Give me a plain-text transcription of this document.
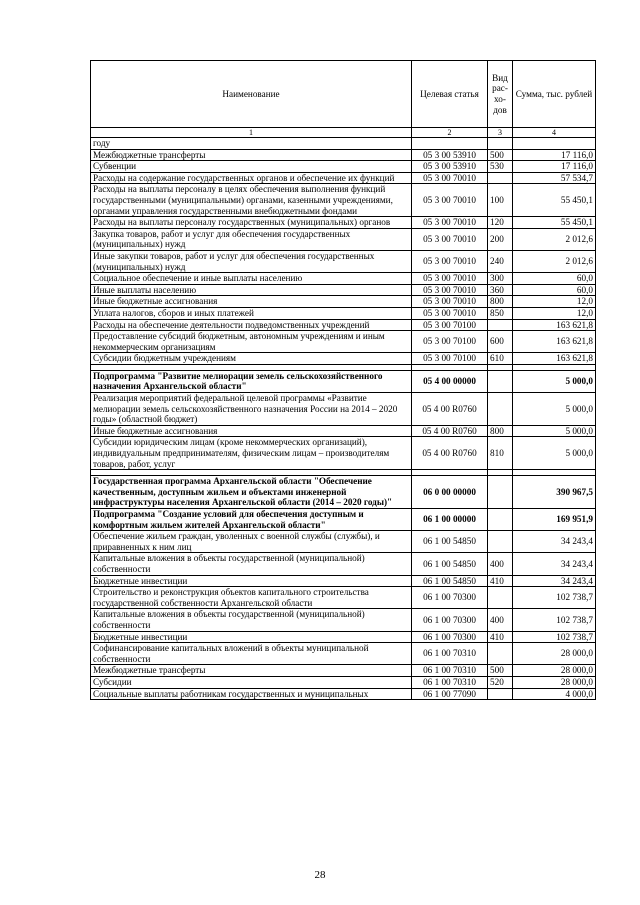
Наименование	Целевая статья	Вид рас-хо-дов	Сумма, тыс. рублей
1	2	3	4
году			
Межбюджетные трансферты	05 3 00 53910	500	17 116,0
Субвенции	05 3 00 53910	530	17 116,0
Расходы на содержание государственных органов и обеспечение их функций	05 3 00 70010		57 534,7
Расходы на выплаты персоналу в целях обеспечения выполнения функций государственными (муниципальными) органами, казенными учреждениями, органами управления государственными внебюджетными фондами	05 3 00 70010	100	55 450,1
Расходы на выплаты персоналу государственных (муниципальных) органов	05 3 00 70010	120	55 450,1
Закупка товаров, работ и услуг для обеспечения государственных (муниципальных) нужд	05 3 00 70010	200	2 012,6
Иные закупки товаров, работ и услуг для обеспечения государственных (муниципальных) нужд	05 3 00 70010	240	2 012,6
Социальное обеспечение и иные выплаты населению	05 3 00 70010	300	60,0
Иные выплаты населению	05 3 00 70010	360	60,0
Иные бюджетные ассигнования	05 3 00 70010	800	12,0
Уплата налогов, сборов и иных платежей	05 3 00 70010	850	12,0
Расходы на обеспечение деятельности подведомственных учреждений	05 3 00 70100		163 621,8
Предоставление субсидий бюджетным, автономным учреждениям и иным некоммерческим организациям	05 3 00 70100	600	163 621,8
Субсидии бюджетным учреждениям	05 3 00 70100	610	163 621,8

Подпрограмма "Развитие мелиорации земель сельскохозяйственного назначения Архангельской области"	05 4 00 00000		5 000,0
Реализация мероприятий федеральной целевой программы «Развитие мелиорации земель сельскохозяйственного назначения России на 2014 – 2020 годы» (областной бюджет)	05 4 00 R0760		5 000,0
Иные бюджетные ассигнования	05 4 00 R0760	800	5 000,0
Субсидии юридическим лицам (кроме некоммерческих организаций), индивидуальным предпринимателям, физическим лицам – производителям товаров, работ, услуг	05 4 00 R0760	810	5 000,0

Государственная программа Архангельской области "Обеспечение качественным, доступным жильем и объектами инженерной инфраструктуры населения Архангельской области (2014 – 2020 годы)"	06 0 00 00000		390 967,5
Подпрограмма "Создание условий для обеспечения доступным и комфортным жильем жителей Архангельской области"	06 1 00 00000		169 951,9
Обеспечение жильем граждан, уволенных с военной службы (службы), и приравненных к ним лиц	06 1 00 54850		34 243,4
Капитальные вложения в объекты государственной (муниципальной) собственности	06 1 00 54850	400	34 243,4
Бюджетные инвестиции	06 1 00 54850	410	34 243,4
Строительство и реконструкция объектов капитального строительства государственной собственности Архангельской области	06 1 00 70300		102 738,7
Капитальные вложения в объекты государственной (муниципальной) собственности	06 1 00 70300	400	102 738,7
Бюджетные инвестиции	06 1 00 70300	410	102 738,7
Софинансирование капитальных вложений в объекты муниципальной собственности	06 1 00 70310		28 000,0
Межбюджетные трансферты	06 1 00 70310	500	28 000,0
Субсидии	06 1 00 70310	520	28 000,0
Социальные выплаты работникам государственных и муниципальных	06 1 00 77090		4 000,0
28
